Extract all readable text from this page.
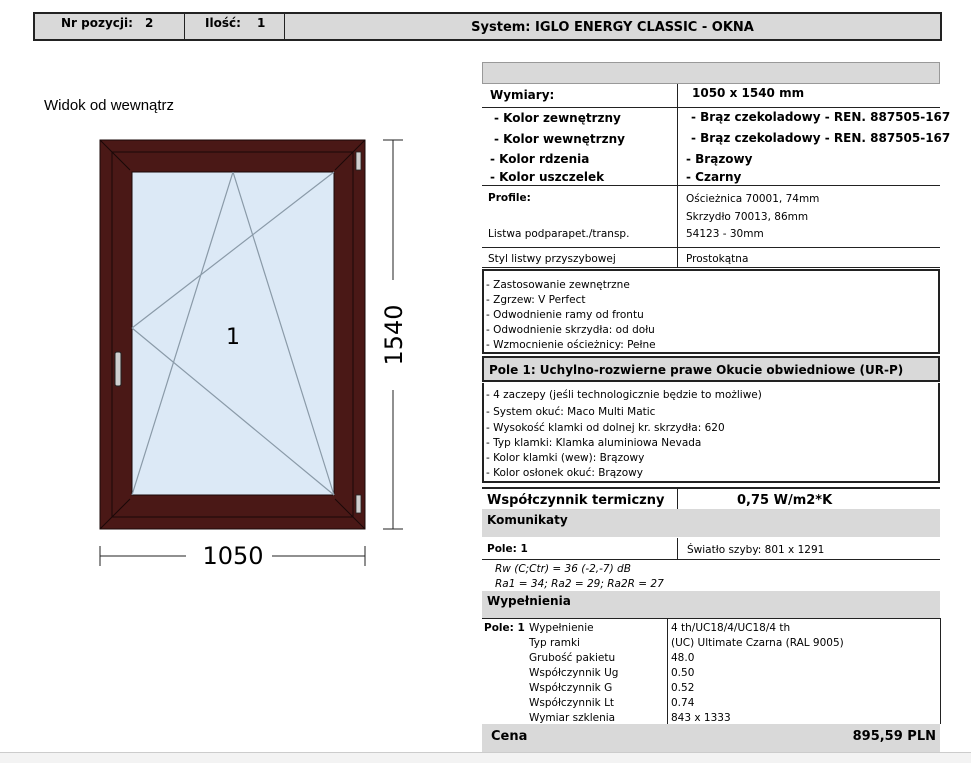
Nr pozycji: 2	Ilość: 1	System: IGLO ENERGY CLASSIC - OKNA
Widok od wewnątrz
1	1540
1050
Wymiary:	1050 x 1540 mm
- Kolor zewnętrzny	- Brąz czekoladowy - REN. 887505-167
- Kolor wewnętrzny	- Brąz czekoladowy - REN. 887505-167
- Kolor rdzenia	- Brązowy
- Kolor uszczelek	- Czarny
Profile:	Ościeżnica 70001, 74mm
Skrzydło 70013, 86mm
Listwa podparapet./transp.	54123 - 30mm
Styl listwy przyszybowej	Prostokątna
- Zastosowanie zewnętrzne
- Zgrzew: V Perfect
- Odwodnienie ramy od frontu
- Odwodnienie skrzydła: od dołu
- Wzmocnienie ościeżnicy: Pełne
Pole 1: Uchylno-rozwierne prawe Okucie obwiedniowe (UR-P)
- 4 zaczepy (jeśli technologicznie będzie to możliwe)
- System okuć: Maco Multi Matic
- Wysokość klamki od dolnej kr. skrzydła: 620
- Typ klamki: Klamka aluminiowa Nevada
- Kolor klamki (wew): Brązowy
- Kolor osłonek okuć: Brązowy
Współczynnik termiczny	0,75 W/m2*K
Komunikaty
Pole: 1	Światło szyby: 801 x 1291
Rw (C;Ctr) = 36 (-2,-7) dB
Ra1 = 34; Ra2 = 29; Ra2R = 27
Wypełnienia
Pole: 1 Wypełnienie	4 th/UC18/4/UC18/4 th
Typ ramki	(UC) Ultimate Czarna (RAL 9005)
Grubość pakietu	48.0
Współczynnik Ug	0.50
Współczynnik G	0.52
Współczynnik Lt	0.74
Wymiar szklenia	843 x 1333
Cena	895,59 PLN
